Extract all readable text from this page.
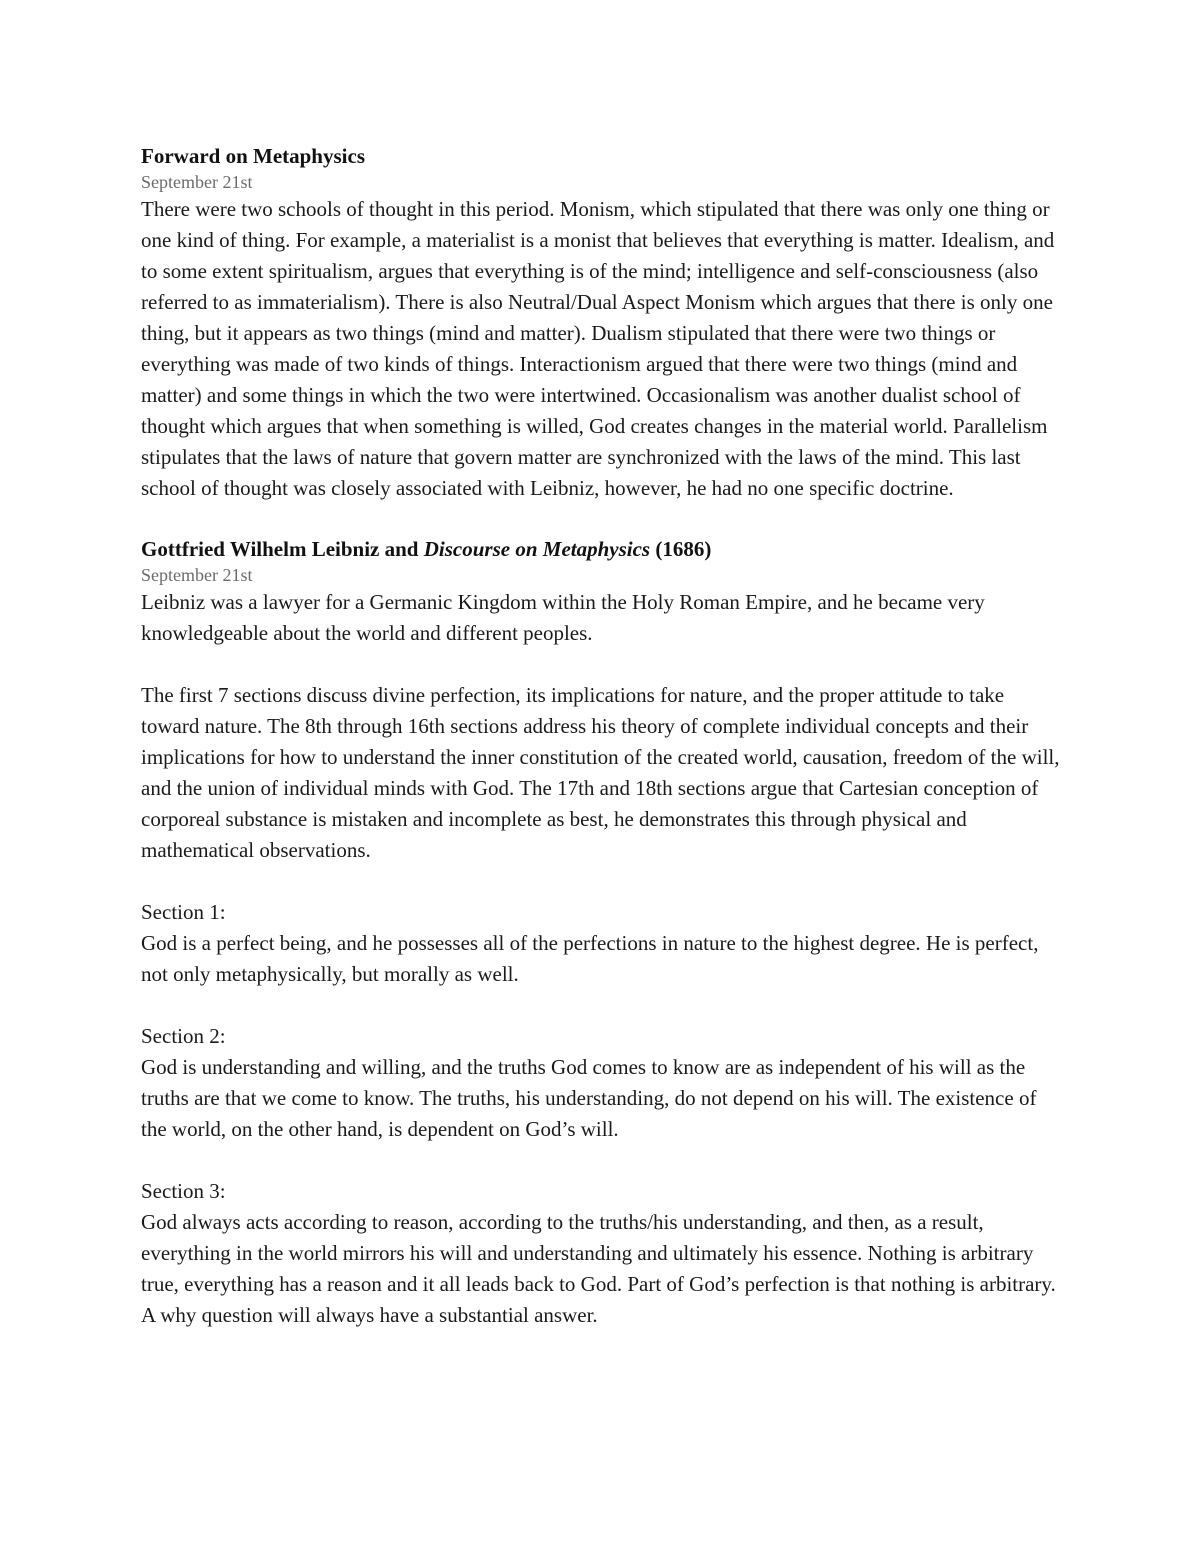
Forward on Metaphysics

September 21st

There were two schools of thought in this period. Monism, which stipulated that there was only one thing or one kind of thing. For example, a materialist is a monist that believes that everything is matter. Idealism, and to some extent spiritualism, argues that everything is of the mind; intelligence and self-consciousness (also referred to as immaterialism). There is also Neutral/Dual Aspect Monism which argues that there is only one thing, but it appears as two things (mind and matter). Dualism stipulated that there were two things or everything was made of two kinds of things. Interactionism argued that there were two things (mind and matter) and some things in which the two were intertwined. Occasionalism was another dualist school of thought which argues that when something is willed, God creates changes in the material world. Parallelism stipulates that the laws of nature that govern matter are synchronized with the laws of the mind. This last school of thought was closely associated with Leibniz, however, he had no one specific doctrine.

Gottfried Wilhelm Leibniz and Discourse on Metaphysics (1686)

September 21st

Leibniz was a lawyer for a Germanic Kingdom within the Holy Roman Empire, and he became very knowledgeable about the world and different peoples.

The first 7 sections discuss divine perfection, its implications for nature, and the proper attitude to take toward nature. The 8th through 16th sections address his theory of complete individual concepts and their implications for how to understand the inner constitution of the created world, causation, freedom of the will, and the union of individual minds with God. The 17th and 18th sections argue that Cartesian conception of corporeal substance is mistaken and incomplete as best, he demonstrates this through physical and mathematical observations.

Section 1:

God is a perfect being, and he possesses all of the perfections in nature to the highest degree. He is perfect, not only metaphysically, but morally as well.

Section 2:

God is understanding and willing, and the truths God comes to know are as independent of his will as the truths are that we come to know. The truths, his understanding, do not depend on his will. The existence of the world, on the other hand, is dependent on God’s will.

Section 3:

God always acts according to reason, according to the truths/his understanding, and then, as a result, everything in the world mirrors his will and understanding and ultimately his essence. Nothing is arbitrary true, everything has a reason and it all leads back to God. Part of God’s perfection is that nothing is arbitrary. A why question will always have a substantial answer.
